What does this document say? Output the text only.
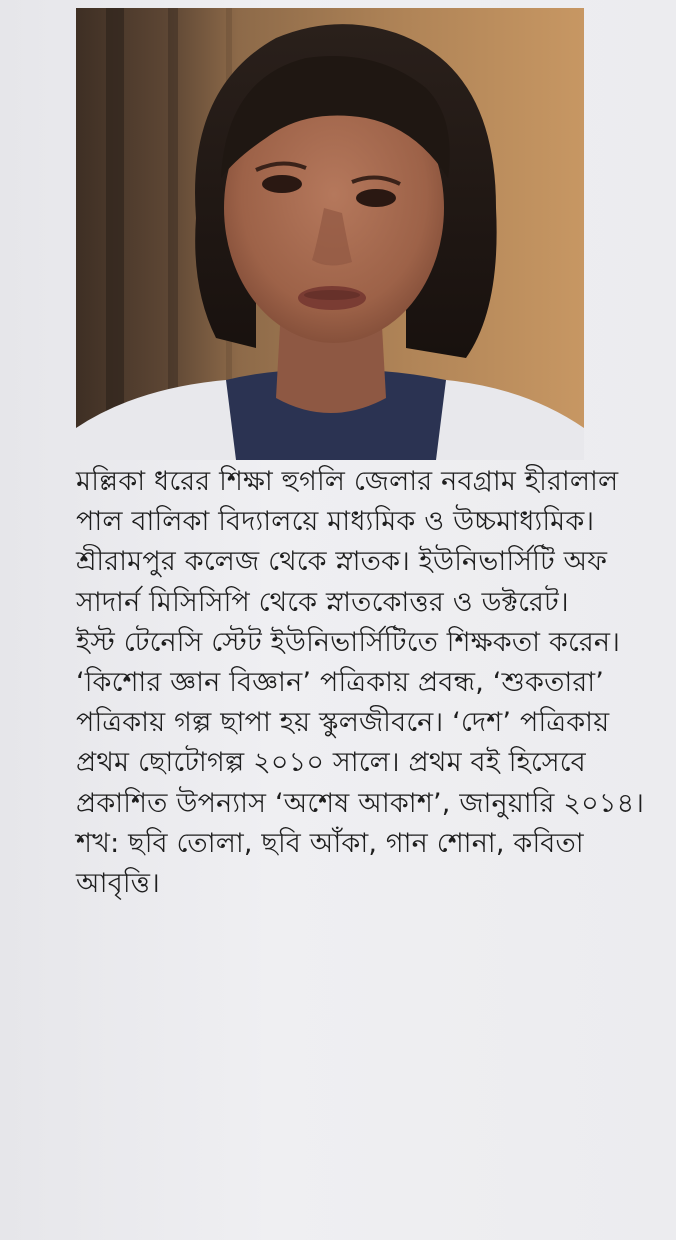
মল্লিকা ধরের শিক্ষা হুগলি জেলার নবগ্রাম হীরালাল পাল বালিকা বিদ্যালয়ে মাধ্যমিক ও উচ্চমাধ্যমিক। শ্রীরামপুর কলেজ থেকে স্নাতক। ইউনিভার্সিটি অফ সাদার্ন মিসিসিপি থেকে স্নাতকোত্তর ও ডক্টরেট।

ইস্ট টেনেসি স্টেট ইউনিভার্সিটিতে শিক্ষকতা করেন।

‘কিশোর জ্ঞান বিজ্ঞান’ পত্রিকায় প্রবন্ধ, ‘শুকতারা’ পত্রিকায় গল্প ছাপা হয় স্কুলজীবনে। ‘দেশ’ পত্রিকায় প্রথম ছোটোগল্প ২০১০ সালে। প্রথম বই হিসেবে প্রকাশিত উপন্যাস ‘অশেষ আকাশ’, জানুয়ারি ২০১৪।

শখ: ছবি তোলা, ছবি আঁকা, গান শোনা, কবিতা আবৃত্তি।
